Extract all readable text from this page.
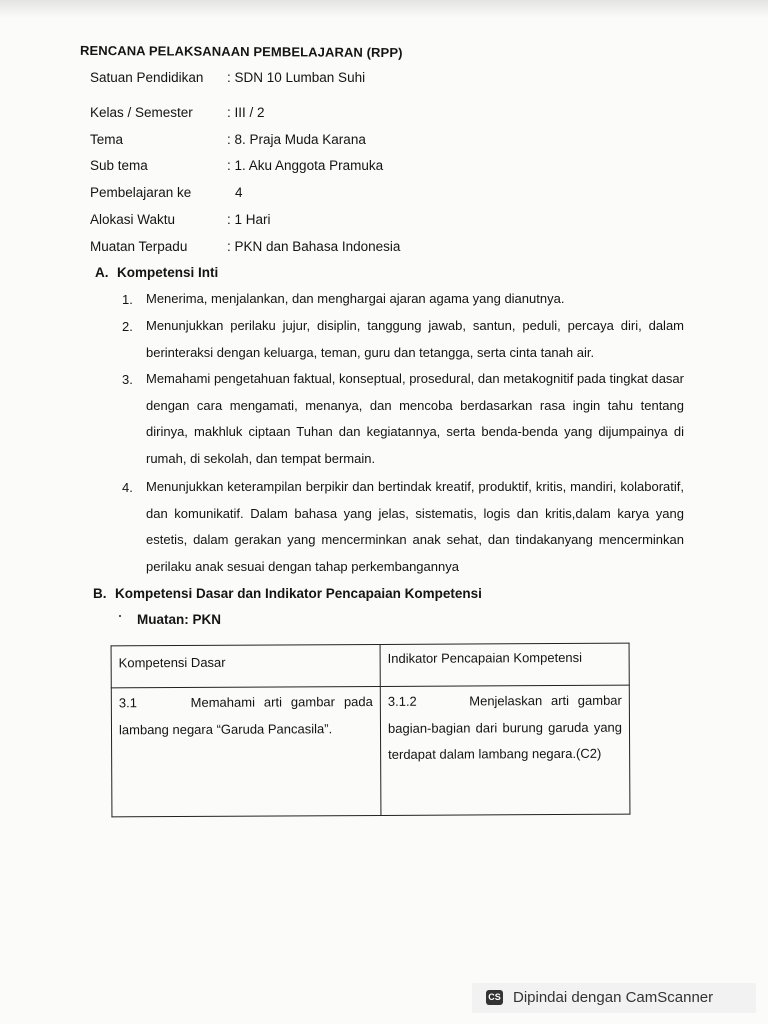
RENCANA PELAKSANAAN PEMBELAJARAN (RPP)
Satuan Pendidikan : SDN 10 Lumban Suhi
Kelas / Semester	: III / 2
Tema	: 8. Praja Muda Karana
Sub tema	: 1. Aku Anggota Pramuka
Pembelajaran ke	4
Alokasi Waktu	: 1 Hari
Muatan Terpadu	: PKN dan Bahasa Indonesia
A. Kompetensi Inti
1. Menerima, menjalankan, dan menghargai ajaran agama yang dianutnya.
2. Menunjukkan perilaku jujur, disiplin, tanggung jawab, santun, peduli, percaya diri, dalam berinteraksi dengan keluarga, teman, guru dan tetangga, serta cinta tanah air.
3. Memahami pengetahuan faktual, konseptual, prosedural, dan metakognitif pada tingkat dasar dengan cara mengamati, menanya, dan mencoba berdasarkan rasa ingin tahu tentang dirinya, makhluk ciptaan Tuhan dan kegiatannya, serta benda-benda yang dijumpainya di rumah, di sekolah, dan tempat bermain.
4. Menunjukkan keterampilan berpikir dan bertindak kreatif, produktif, kritis, mandiri, kolaboratif, dan komunikatif. Dalam bahasa yang jelas, sistematis, logis dan kritis,dalam karya yang estetis, dalam gerakan yang mencerminkan anak sehat, dan tindakanyang mencerminkan perilaku anak sesuai dengan tahap perkembangannya
B. Kompetensi Dasar dan Indikator Pencapaian Kompetensi
Muatan: PKN
Kompetensi Dasar	Indikator Pencapaian Kompetensi
3.1      Memahami arti gambar pada lambang negara “Garuda Pancasila”.	3.1.2      Menjelaskan arti gambar bagian-bagian dari burung garuda yang terdapat dalam lambang negara.(C2)
CS Dipindai dengan CamScanner
